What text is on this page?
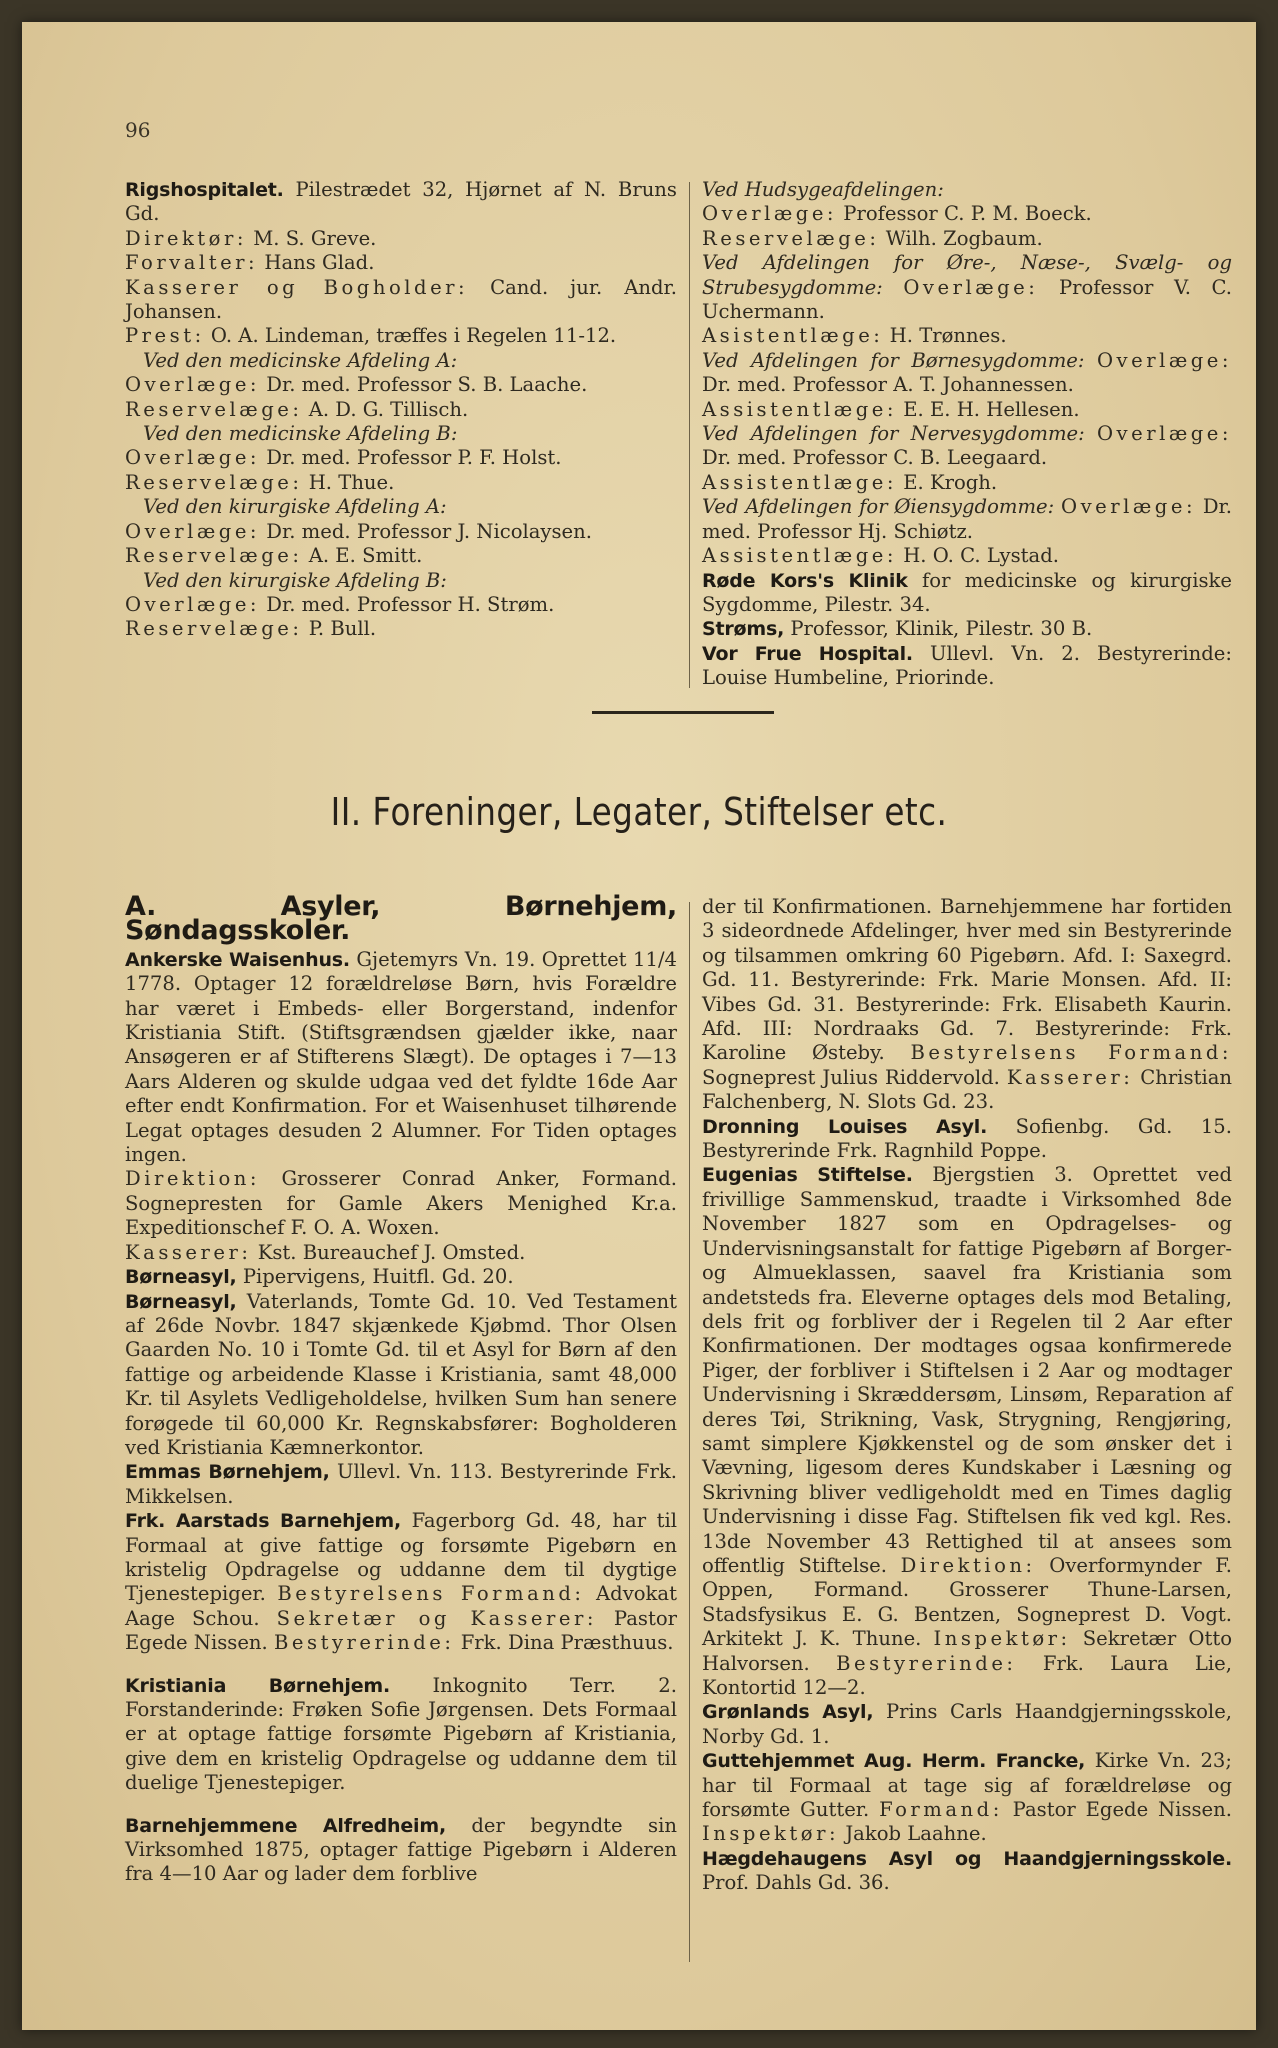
96

Rigshospitalet. Pilestrædet 32, Hjørnet af N. Bruns Gd.

Direktør: M. S. Greve.

Forvalter: Hans Glad.

Kasserer og Bogholder: Cand. jur. Andr. Johansen.

Prest: O. A. Lindeman, træffes i Regelen 11-12.

Ved den medicinske Afdeling A:

Overlæge: Dr. med. Professor S. B. Laache.

Reservelæge: A. D. G. Tillisch.

Ved den medicinske Afdeling B:

Overlæge: Dr. med. Professor P. F. Holst.

Reservelæge: H. Thue.

Ved den kirurgiske Afdeling A:

Overlæge: Dr. med. Professor J. Nicolaysen.

Reservelæge: A. E. Smitt.

Ved den kirurgiske Afdeling B:

Overlæge: Dr. med. Professor H. Strøm.

Reservelæge: P. Bull.

Ved Hudsygeafdelingen:

Overlæge: Professor C. P. M. Boeck.

Reservelæge: Wilh. Zogbaum.

Ved Afdelingen for Øre-, Næse-, Svælg- og Strubesygdomme: Overlæge: Professor V. C. Uchermann.

Asistentlæge: H. Trønnes.

Ved Afdelingen for Børnesygdomme: Overlæge: Dr. med. Professor A. T. Johannessen.

Assistentlæge: E. E. H. Hellesen.

Ved Afdelingen for Nervesygdomme: Overlæge: Dr. med. Professor C. B. Leegaard.

Assistentlæge: E. Krogh.

Ved Afdelingen for Øiensygdomme: Overlæge: Dr. med. Professor Hj. Schiøtz.

Assistentlæge: H. O. C. Lystad.

Røde Kors's Klinik for medicinske og kirurgiske Sygdomme, Pilestr. 34.

Strøms, Professor, Klinik, Pilestr. 30 B.

Vor Frue Hospital. Ullevl. Vn. 2. Bestyrerinde: Louise Humbeline, Priorinde.

II. Foreninger, Legater, Stiftelser etc.

A. Asyler, Børnehjem, Søndagsskoler.

Ankerske Waisenhus. Gjetemyrs Vn. 19. Oprettet 11/4 1778. Optager 12 forældreløse Børn, hvis Forældre har været i Embeds- eller Borgerstand, indenfor Kristiania Stift. (Stiftsgrændsen gjælder ikke, naar Ansøgeren er af Stifterens Slægt). De optages i 7—13 Aars Alderen og skulde udgaa ved det fyldte 16de Aar efter endt Konfirmation. For et Waisenhuset tilhørende Legat optages desuden 2 Alumner. For Tiden optages ingen.

Direktion: Grosserer Conrad Anker, Formand. Sognepresten for Gamle Akers Menighed Kr.a. Expeditionschef F. O. A. Woxen.

Kasserer: Kst. Bureauchef J. Omsted.

Børneasyl, Pipervigens, Huitfl. Gd. 20.

Børneasyl, Vaterlands, Tomte Gd. 10. Ved Testament af 26de Novbr. 1847 skjænkede Kjøbmd. Thor Olsen Gaarden No. 10 i Tomte Gd. til et Asyl for Børn af den fattige og arbeidende Klasse i Kristiania, samt 48,000 Kr. til Asylets Vedligeholdelse, hvilken Sum han senere forøgede til 60,000 Kr. Regnskabsfører: Bogholderen ved Kristiania Kæmnerkontor.

Emmas Børnehjem, Ullevl. Vn. 113. Bestyrerinde Frk. Mikkelsen.

Frk. Aarstads Barnehjem, Fagerborg Gd. 48, har til Formaal at give fattige og forsømte Pigebørn en kristelig Opdragelse og uddanne dem til dygtige Tjenestepiger. Bestyrelsens Formand: Advokat Aage Schou. Sekretær og Kasserer: Pastor Egede Nissen. Bestyrerinde: Frk. Dina Præsthuus.

Kristiania Børnehjem. Inkognito Terr. 2. Forstanderinde: Frøken Sofie Jørgensen. Dets Formaal er at optage fattige forsømte Pigebørn af Kristiania, give dem en kristelig Opdragelse og uddanne dem til duelige Tjenestepiger.

Barnehjemmene Alfredheim, der begyndte sin Virksomhed 1875, optager fattige Pigebørn i Alderen fra 4—10 Aar og lader dem forblive

der til Konfirmationen. Barnehjemmene har fortiden 3 sideordnede Afdelinger, hver med sin Bestyrerinde og tilsammen omkring 60 Pigebørn. Afd. I: Saxegrd. Gd. 11. Bestyrerinde: Frk. Marie Monsen. Afd. II: Vibes Gd. 31. Bestyrerinde: Frk. Elisabeth Kaurin. Afd. III: Nordraaks Gd. 7. Bestyrerinde: Frk. Karoline Østeby. Bestyrelsens Formand: Sogneprest Julius Riddervold. Kasserer: Christian Falchenberg, N. Slots Gd. 23.

Dronning Louises Asyl. Sofienbg. Gd. 15. Bestyrerinde Frk. Ragnhild Poppe.

Eugenias Stiftelse. Bjergstien 3. Oprettet ved frivillige Sammenskud, traadte i Virksomhed 8de November 1827 som en Opdragelses- og Undervisningsanstalt for fattige Pigebørn af Borger- og Almueklassen, saavel fra Kristiania som andetsteds fra. Eleverne optages dels mod Betaling, dels frit og forbliver der i Regelen til 2 Aar efter Konfirmationen. Der modtages ogsaa konfirmerede Piger, der forbliver i Stiftelsen i 2 Aar og modtager Undervisning i Skræddersøm, Linsøm, Reparation af deres Tøi, Strikning, Vask, Strygning, Rengjøring, samt simplere Kjøkkenstel og de som ønsker det i Vævning, ligesom deres Kundskaber i Læsning og Skrivning bliver vedligeholdt med en Times daglig Undervisning i disse Fag. Stiftelsen fik ved kgl. Res. 13de November 43 Rettighed til at ansees som offentlig Stiftelse. Direktion: Overformynder F. Oppen, Formand. Grosserer Thune-Larsen, Stadsfysikus E. G. Bentzen, Sogneprest D. Vogt. Arkitekt J. K. Thune. Inspektør: Sekretær Otto Halvorsen. Bestyrerinde: Frk. Laura Lie, Kontortid 12—2.

Grønlands Asyl, Prins Carls Haandgjerningsskole, Norby Gd. 1.

Guttehjemmet Aug. Herm. Francke, Kirke Vn. 23; har til Formaal at tage sig af forældreløse og forsømte Gutter. Formand: Pastor Egede Nissen. Inspektør: Jakob Laahne.

Hægdehaugens Asyl og Haandgjerningsskole. Prof. Dahls Gd. 36.
